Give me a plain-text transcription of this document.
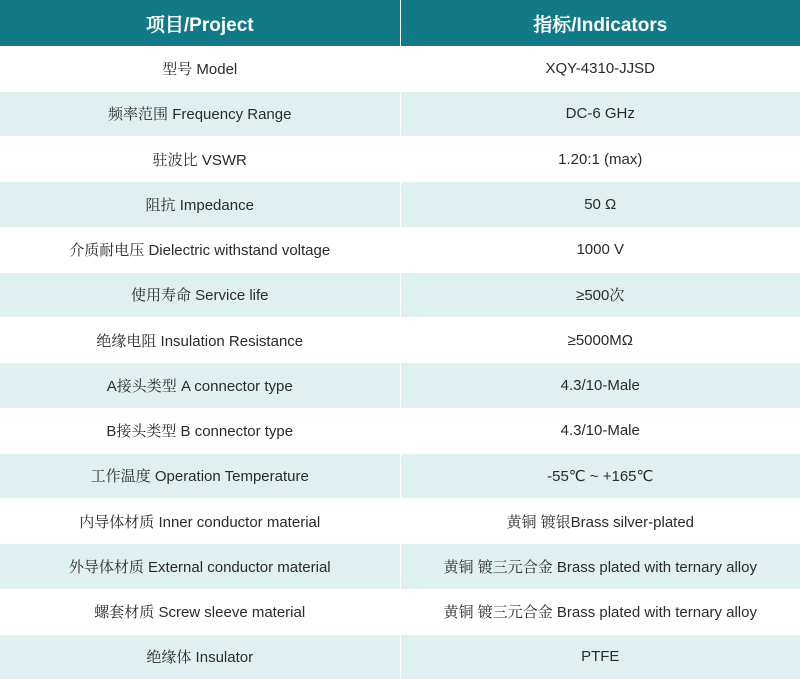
项目/Project	指标/Indicators
型号 Model	XQY-4310-JJSD
频率范围 Frequency Range	DC-6 GHz
驻波比 VSWR	1.20:1 (max)
阻抗 Impedance	50 Ω
介质耐电压 Dielectric withstand voltage	1000 V
使用寿命 Service life	≥500次
绝缘电阻 Insulation Resistance	≥5000MΩ
A接头类型 A connector type	4.3/10-Male
B接头类型 B connector type	4.3/10-Male
工作温度 Operation Temperature	-55℃ ~ +165℃
内导体材质 Inner conductor material	黄铜 镀银Brass silver-plated
外导体材质 External conductor material	黄铜 镀三元合金 Brass plated with ternary alloy
螺套材质 Screw sleeve material	黄铜 镀三元合金 Brass plated with ternary alloy
绝缘体 Insulator	PTFE
